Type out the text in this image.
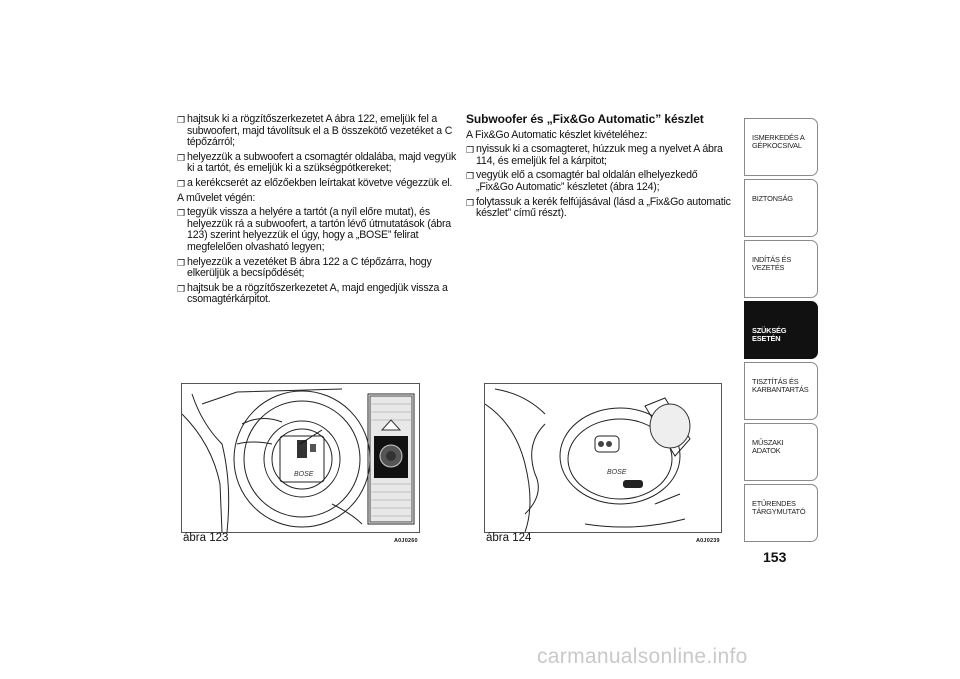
❐ hajtsuk ki a rögzítőszerkezetet A ábra 122, emeljük fel a subwoofert, majd távolítsuk el a B összekötő vezetéket a C tépőzárról;
❐ helyezzük a subwoofert a csomagtér oldalába, majd vegyük ki a tartót, és emeljük ki a szükségpótkereket;
❐ a kerékcserét az előzőekben leírtakat követve végezzük el.
A művelet végén:
❐ tegyük vissza a helyére a tartót (a nyíl előre mutat), és helyezzük rá a subwoofert, a tartón lévő útmutatások (ábra 123) szerint helyezzük el úgy, hogy a „BOSE” felirat megfelelően olvasható legyen;
❐ helyezzük a vezetéket B ábra 122 a C tépőzárra, hogy elkerüljük a becsípődését;
❐ hajtsuk be a rögzítőszerkezetet A, majd engedjük vissza a csomagtérkárpitot.
Subwoofer és „Fix&Go Automatic” készlet
A Fix&Go Automatic készlet kivételéhez:
❐ nyissuk ki a csomagteret, húzzuk meg a nyelvet A ábra 114, és emeljük fel a kárpitot;
❐ vegyük elő a csomagtér bal oldalán elhelyezkedő „Fix&Go Automatic” készletet (ábra 124);
❐ folytassuk a kerék felfújásával (lásd a „Fix&Go automatic készlet” című részt).
BOSE
ábra 123	A0J0260
BOSE
ábra 124	A0J0239
ISMERKEDÉS A GÉPKOCSIVAL
BIZTONSÁG
INDÍTÁS ÉS VEZETÉS
SZÜKSÉG ESETÉN
TISZTÍTÁS ÉS KARBANTARTÁS
MŰSZAKI ADATOK
ETŰRENDES TÁRGYMUTATÓ
153
carmanualsonline.info
